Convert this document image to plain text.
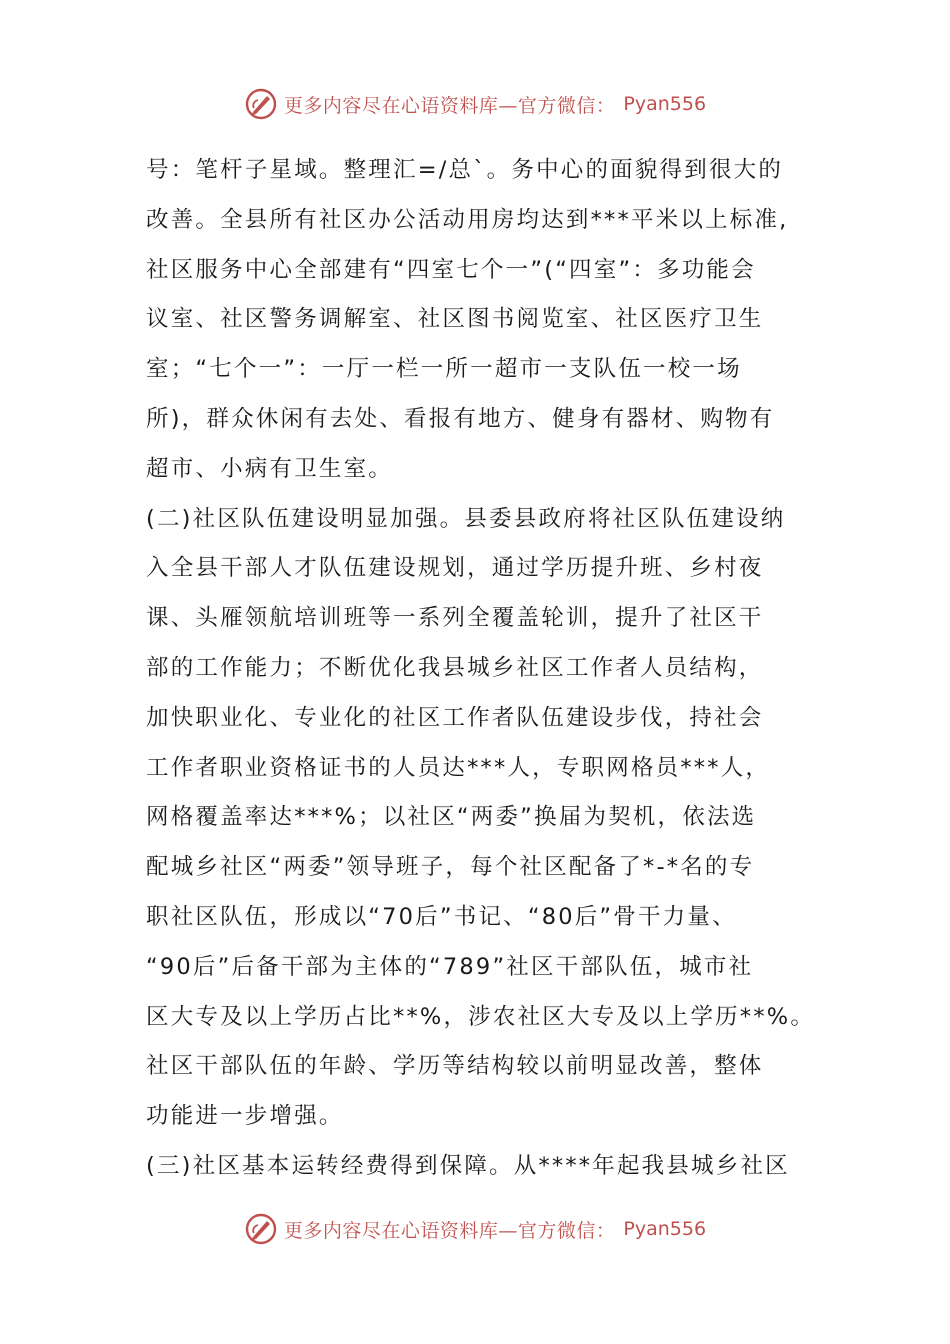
更多内容尽在心语资料库—官方微信： Pyan556
号：笔杆子星域。整理汇=/总`。务中心的面貌得到很大的
改善。全县所有社区办公活动用房均达到***平米以上标准,
社区服务中心全部建有“四室七个一”(“四室”：多功能会
议室、社区警务调解室、社区图书阅览室、社区医疗卫生
室；“七个一”：一厅一栏一所一超市一支队伍一校一场
所)，群众休闲有去处、看报有地方、健身有器材、购物有
超市、小病有卫生室。
(二)社区队伍建设明显加强。县委县政府将社区队伍建设纳
入全县干部人才队伍建设规划，通过学历提升班、乡村夜
课、头雁领航培训班等一系列全覆盖轮训，提升了社区干
部的工作能力；不断优化我县城乡社区工作者人员结构，
加快职业化、专业化的社区工作者队伍建设步伐，持社会
工作者职业资格证书的人员达***人，专职网格员***人，
网格覆盖率达***%；以社区“两委”换届为契机，依法选
配城乡社区“两委”领导班子，每个社区配备了*-*名的专
职社区队伍，形成以“70后”书记、“80后”骨干力量、
“90后”后备干部为主体的“789”社区干部队伍，城市社
区大专及以上学历占比**%，涉农社区大专及以上学历**%。
社区干部队伍的年龄、学历等结构较以前明显改善，整体
功能进一步增强。
(三)社区基本运转经费得到保障。从****年起我县城乡社区
更多内容尽在心语资料库—官方微信： Pyan556
